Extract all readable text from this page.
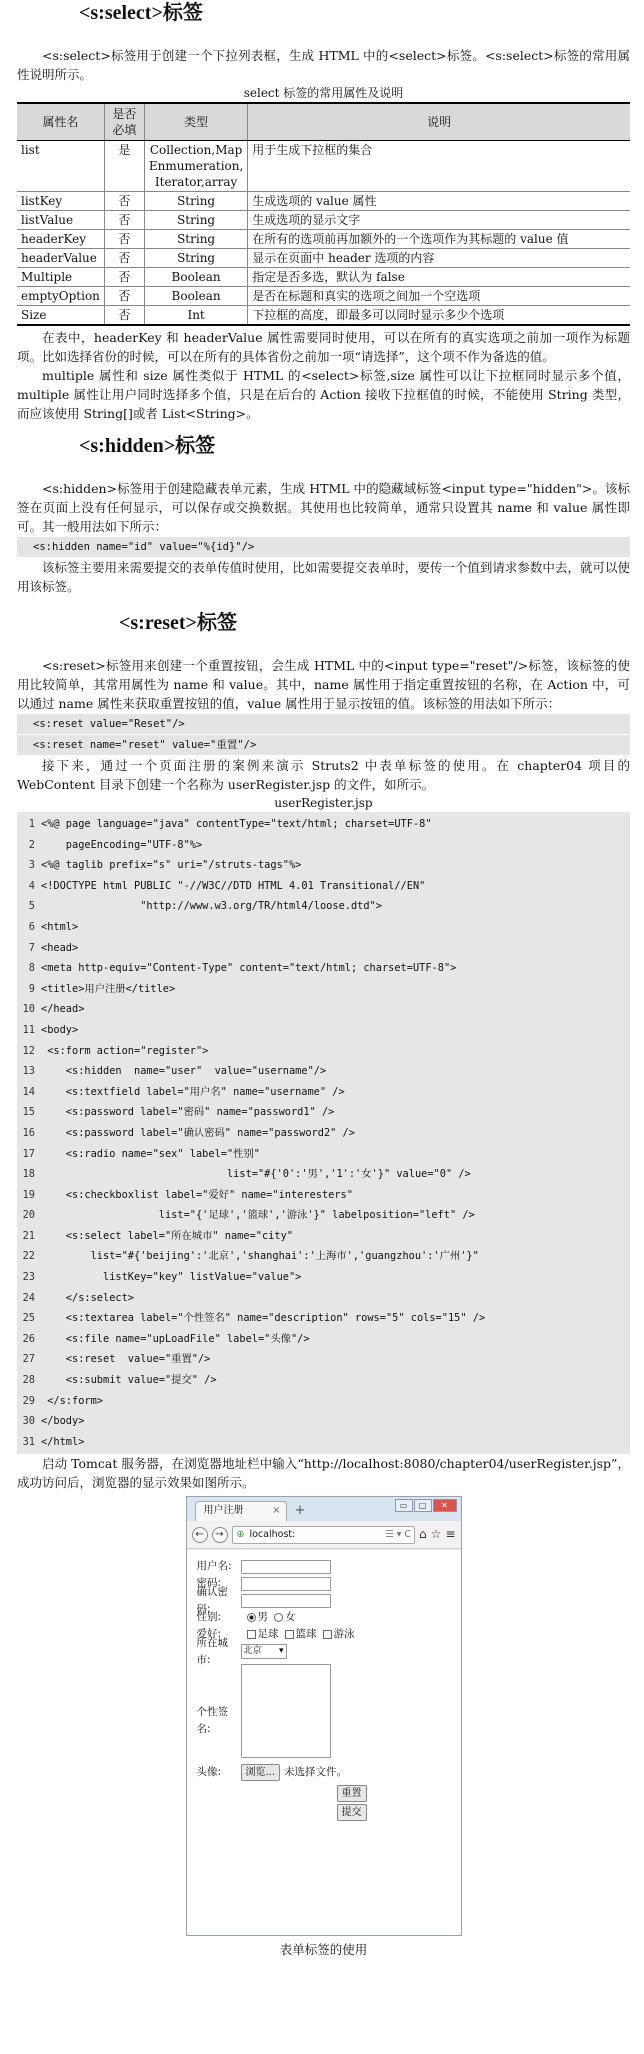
<s:select>标签

<s:select>标签用于创建一个下拉列表框，生成 HTML 中的<select>标签。<s:select>标签的常用属性说明所示。

select 标签的常用属性及说明
属性名	是否必填	类型	说明
list	是	Collection,Map Enmumeration, Iterator,array	用于生成下拉框的集合
listKey	否	String	生成选项的 value 属性
listValue	否	String	生成选项的显示文字
headerKey	否	String	在所有的选项前再加额外的一个选项作为其标题的 value 值
headerValue	否	String	显示在页面中 header 选项的内容
Multiple	否	Boolean	指定是否多选，默认为 false
emptyOption	否	Boolean	是否在标题和真实的选项之间加一个空选项
Size	否	Int	下拉框的高度，即最多可以同时显示多少个选项

在表中，headerKey 和 headerValue 属性需要同时使用，可以在所有的真实选项之前加一项作为标题项。比如选择省份的时候，可以在所有的具体省份之前加一项“请选择”，这个项不作为备选的值。

multiple 属性和 size 属性类似于 HTML 的<select>标签,size 属性可以让下拉框同时显示多个值，multiple 属性让用户同时选择多个值，只是在后台的 Action 接收下拉框值的时候，不能使用 String 类型，而应该使用 String[]或者 List<String>。

<s:hidden>标签

<s:hidden>标签用于创建隐藏表单元素，生成 HTML 中的隐藏域标签<input type="hidden">。该标签在页面上没有任何显示，可以保存或交换数据。其使用也比较简单，通常只设置其 name 和 value 属性即可。其一般用法如下所示：

<s:hidden name="id" value="%{id}"/>

该标签主要用来需要提交的表单传值时使用，比如需要提交表单时，要传一个值到请求参数中去，就可以使用该标签。

<s:reset>标签

<s:reset>标签用来创建一个重置按钮，会生成 HTML 中的<input type="reset"/>标签，该标签的使用比较简单，其常用属性为 name 和 value。其中，name 属性用于指定重置按钮的名称，在 Action 中，可以通过 name 属性来获取重置按钮的值，value 属性用于显示按钮的值。该标签的用法如下所示：

<s:reset value="Reset"/>
<s:reset name="reset" value="重置"/>

接下来，通过一个页面注册的案例来演示 Struts2 中表单标签的使用。在 chapter04 项目的 WebContent 目录下创建一个名称为 userRegister.jsp 的文件，如所示。

userRegister.jsp
1 <%@ page language="java" contentType="text/html; charset=UTF-8"
2 pageEncoding="UTF-8"%>
3 <%@ taglib prefix="s" uri="/struts-tags"%>
4 <!DOCTYPE html PUBLIC "-//W3C//DTD HTML 4.01 Transitional//EN"
5 "http://www.w3.org/TR/html4/loose.dtd">
6 <html>
7 <head>
8 <meta http-equiv="Content-Type" content="text/html; charset=UTF-8">
9 <title>用户注册</title>
10 </head>
11 <body>
12 <s:form action="register">
13 <s:hidden  name="user"  value="username"/>
14 <s:textfield label="用户名" name="username" />
15 <s:password label="密码" name="password1" />
16 <s:password label="确认密码" name="password2" />
17 <s:radio name="sex" label="性别"
18 list="#{'0':'男','1':'女'}" value="0" />
19 <s:checkboxlist label="爱好" name="interesters"
20 list="{'足球','篮球','游泳'}" labelposition="left" />
21 <s:select label="所在城市" name="city"
22 list="#{'beijing':'北京','shanghai':'上海市','guangzhou':'广州'}"
23 listKey="key" listValue="value">
24 </s:select>
25 <s:textarea label="个性签名" name="description" rows="5" cols="15" />
26 <s:file name="upLoadFile" label="头像"/>
27 <s:reset  value="重置"/>
28 <s:submit value="提交" />
29 </s:form>
30 </body>
31 </html>

启动 Tomcat 服务器，在浏览器地址栏中输入“http://localhost:8080/chapter04/userRegister.jsp”，成功访问后，浏览器的显示效果如图所示。

用户注册	× +	▭	□	✕
←	→	⊕ localhost:	☰ ▾ C ⌂ ☆ ≡
用户名:
密码:
确认密码:
性别:	男 女
爱好:	足球 篮球 游泳
所在城市:
北京 ▾
个性签名:
头像:	浏览... 未选择文件。
重置
提交
表单标签的使用
